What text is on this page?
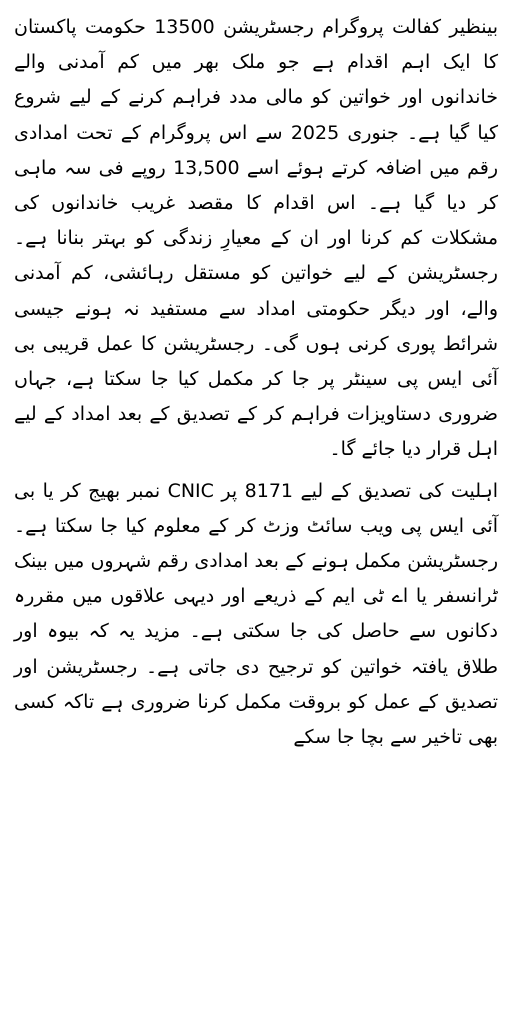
بینظیر کفالت پروگرام رجسٹریشن 13500 حکومت پاکستان کا ایک اہم اقدام ہے جو ملک بھر میں کم آمدنی والے خاندانوں اور خواتین کو مالی مدد فراہم کرنے کے لیے شروع کیا گیا ہے۔ جنوری 2025 سے اس پروگرام کے تحت امدادی رقم میں اضافہ کرتے ہوئے اسے 13,500 روپے فی سہ ماہی کر دیا گیا ہے۔ اس اقدام کا مقصد غریب خاندانوں کی مشکلات کم کرنا اور ان کے معیارِ زندگی کو بہتر بنانا ہے۔ رجسٹریشن کے لیے خواتین کو مستقل رہائشی، کم آمدنی والے، اور دیگر حکومتی امداد سے مستفید نہ ہونے جیسی شرائط پوری کرنی ہوں گی۔ رجسٹریشن کا عمل قریبی بی آئی ایس پی سینٹر پر جا کر مکمل کیا جا سکتا ہے، جہاں ضروری دستاویزات فراہم کر کے تصدیق کے بعد امداد کے لیے اہل قرار دیا جائے گا۔

اہلیت کی تصدیق کے لیے 8171 پر CNIC نمبر بھیج کر یا بی آئی ایس پی ویب سائٹ وزٹ کر کے معلوم کیا جا سکتا ہے۔ رجسٹریشن مکمل ہونے کے بعد امدادی رقم شہروں میں بینک ٹرانسفر یا اے ٹی ایم کے ذریعے اور دیہی علاقوں میں مقررہ دکانوں سے حاصل کی جا سکتی ہے۔ مزید یہ کہ بیوہ اور طلاق یافتہ خواتین کو ترجیح دی جاتی ہے۔ رجسٹریشن اور تصدیق کے عمل کو بروقت مکمل کرنا ضروری ہے تاکہ کسی بھی تاخیر سے بچا جا سکے
